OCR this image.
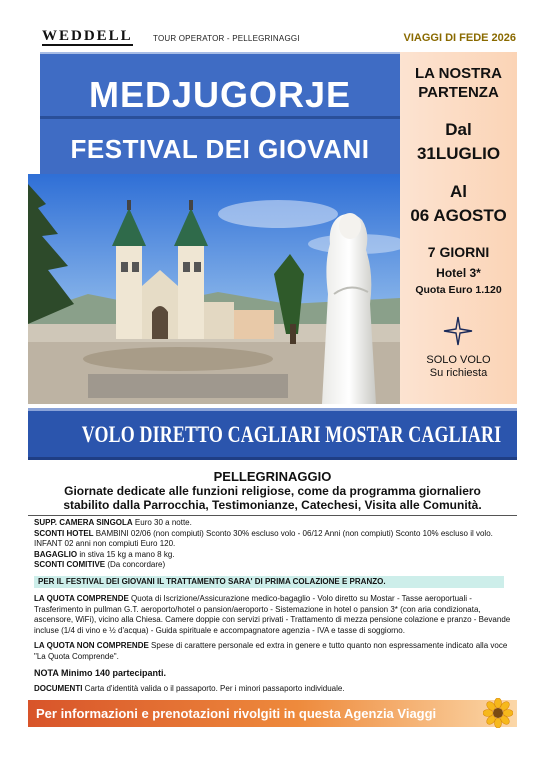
WEDDELL	TOUR OPERATOR - PELLEGRINAGGI	VIAGGI DI FEDE 2026
MEDJUGORJE
FESTIVAL DEI GIOVANI
LA NOSTRA
PARTENZA
Dal
31LUGLIO
Al
06 AGOSTO
7 GIORNI
Hotel 3*
Quota Euro 1.120
SOLO VOLO
Su richiesta
VOLO DIRETTO CAGLIARI MOSTAR CAGLIARI
PELLEGRINAGGIO
Giornate dedicate alle funzioni religiose, come da programma giornaliero
stabilito dalla Parrocchia, Testimonianze, Catechesi, Visita alle Comunità.

SUPP. CAMERA SINGOLA Euro 30 a notte.

SCONTI HOTEL BAMBINI 02/06 (non compiuti) Sconto 30% escluso volo - 06/12 Anni (non compiuti) Sconto 10% escluso il volo.

INFANT 02 anni non compiuti Euro 120.

BAGAGLIO in stiva 15 kg a mano 8 kg.

SCONTI COMITIVE (Da concordare)

PER IL FESTIVAL DEI GIOVANI IL TRATTAMENTO SARA' DI PRIMA COLAZIONE E PRANZO.

LA QUOTA COMPRENDE Quota di Iscrizione/Assicurazione medico-bagaglio - Volo diretto su Mostar - Tasse aeroportuali - Trasferimento in pullman G.T. aeroporto/hotel o pansion/aeroporto - Sistemazione in hotel o pansion 3* (con aria condizionata, ascensore, WiFi), vicino alla Chiesa. Camere doppie con servizi privati - Trattamento di mezza pensione colazione e pranzo - Bevande incluse (1/4 di vino e ½ d'acqua) - Guida spirituale e accompagnatore agenzia - IVA e tasse di soggiorno.

LA QUOTA NON COMPRENDE Spese di carattere personale ed extra in genere e tutto quanto non espressamente indicato alla voce "La Quota Comprende".

NOTA Minimo 140 partecipanti.

DOCUMENTI Carta d'identità valida o il passaporto. Per i minori passaporto individuale.

Per informazioni e prenotazioni rivolgiti in questa Agenzia Viaggi
